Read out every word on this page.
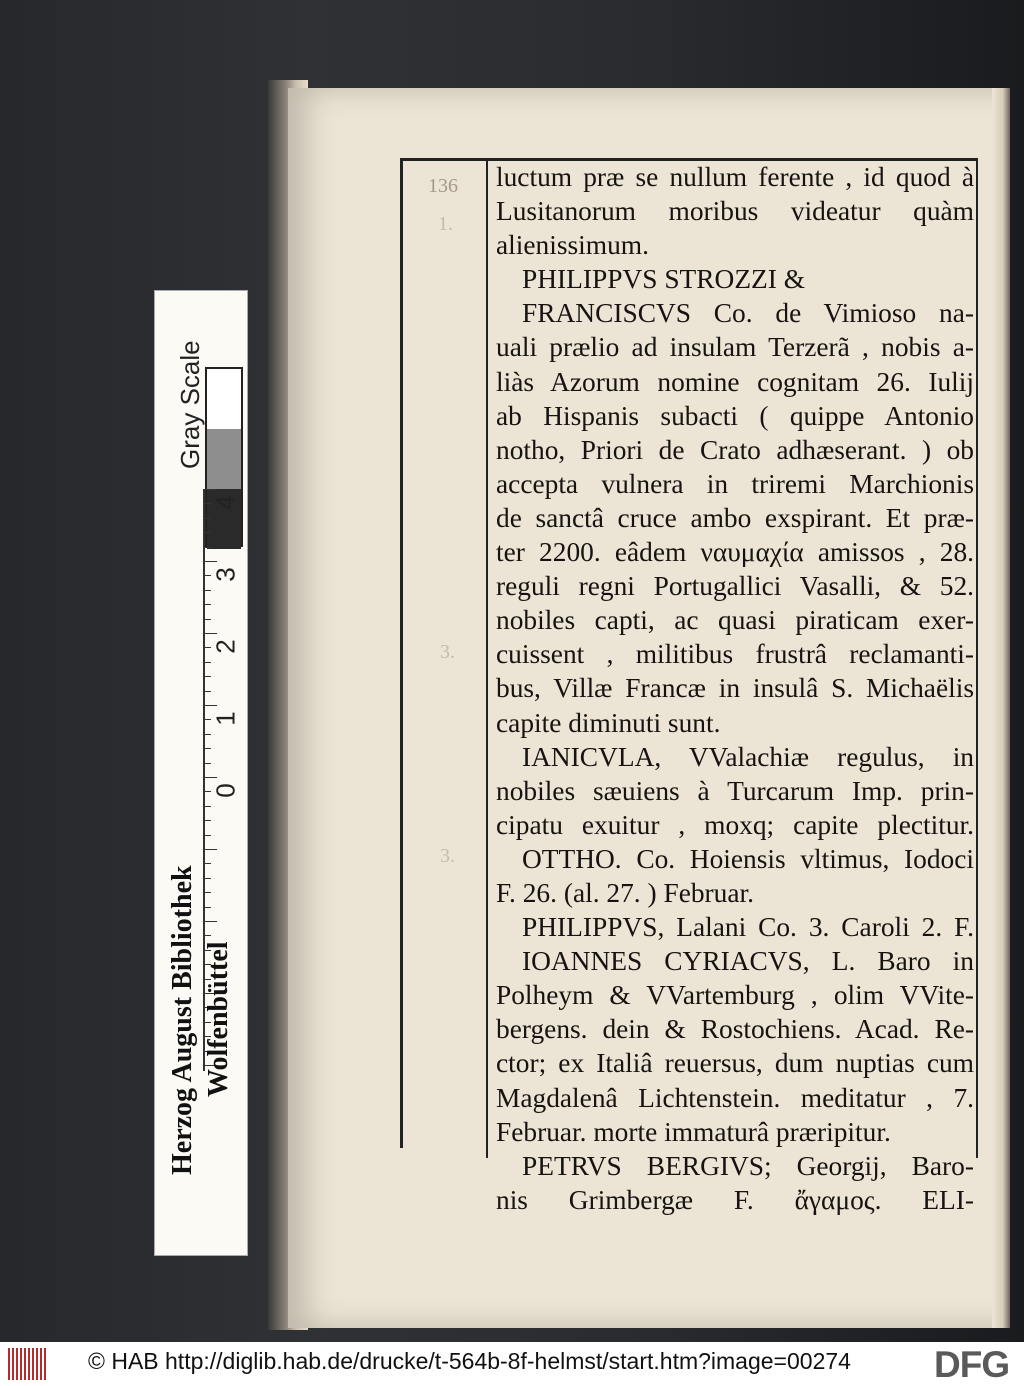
136
1.
3.
3.
luctum præ se nullum ferente , id quod à
Lusitanorum moribus videatur quàm
alienissimum.
PHILIPPVS STROZZI &
FRANCISCVS Co. de Vimioso na-
uali prælio ad insulam Terzerã , nobis a-
liàs Azorum nomine cognitam 26. Iulij
ab Hispanis subacti ( quippe Antonio
notho, Priori de Crato adhæserant. ) ob
accepta vulnera in triremi Marchionis
de sanctâ cruce ambo exspirant. Et præ-
ter 2200. eâdem ναυμαχία amissos , 28.
reguli regni Portugallici Vasalli, & 52.
nobiles capti, ac quasi piraticam exer-
cuissent , militibus frustrâ reclamanti-
bus, Villæ Francæ in insulâ S. Michaëlis
capite diminuti sunt.
IANICVLA, VValachiæ regulus, in
nobiles sæuiens à Turcarum Imp. prin-
cipatu exuitur , moxq; capite plectitur.
OTTHO. Co. Hoiensis vltimus, Iodoci
F. 26. (al. 27. ) Februar.
PHILIPPVS, Lalani Co. 3. Caroli 2. F.
IOANNES CYRIACVS, L. Baro in
Polheym & VVartemburg , olim VVite-
bergens. dein & Rostochiens. Acad. Re-
ctor; ex Italiâ reuersus, dum nuptias cum
Magdalenâ Lichtenstein. meditatur , 7.
Februar. morte immaturâ præripitur.
PETRVS BERGIVS; Georgij, Baro-
nis Grimbergæ F. ἄγαμος. ELI-
Gray Scale
4
3
2
1
0
Herzog August Bibliothek Wolfenbüttel
© HAB http://diglib.hab.de/drucke/t-564b-8f-helmst/start.htm?image=00274 DFG
